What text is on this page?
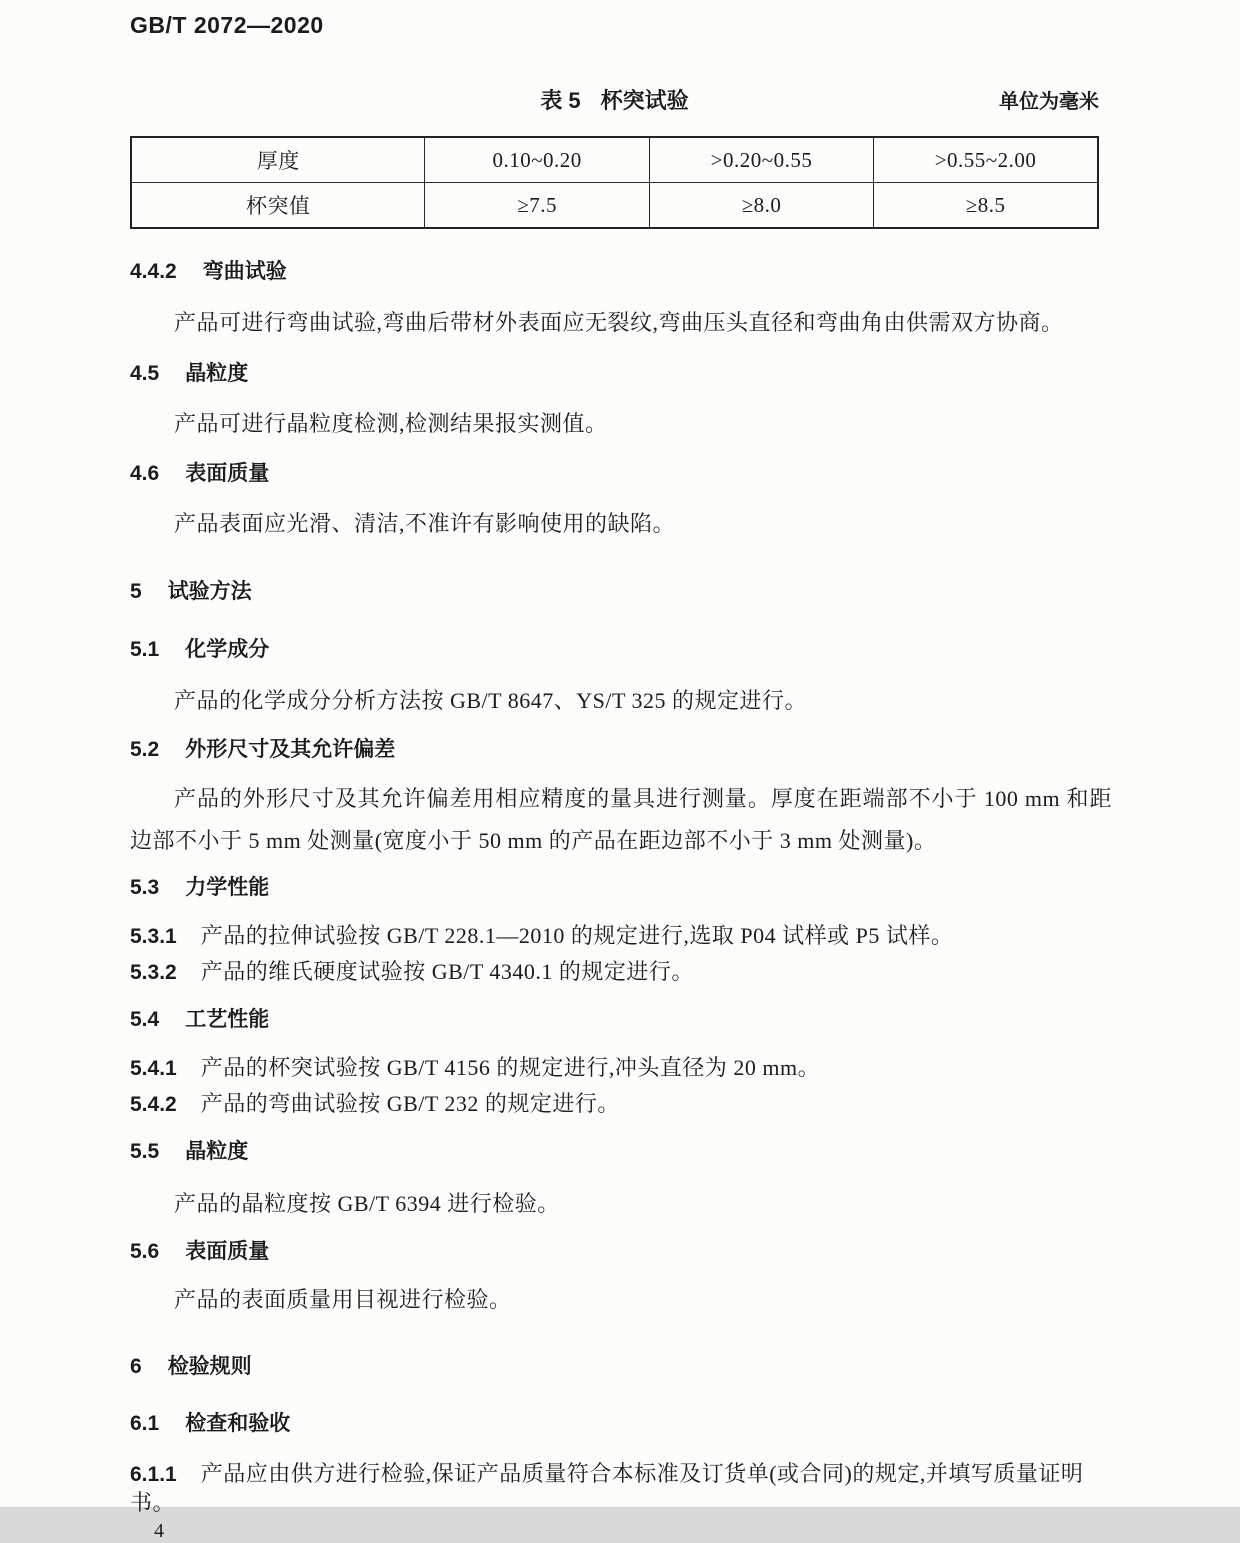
GB/T 2072—2020
表 5 杯突试验	单位为毫米
厚度	0.10~0.20	>0.20~0.55	>0.55~2.00
杯突值	≥7.5	≥8.0	≥8.5
4.4.2 弯曲试验

产品可进行弯曲试验,弯曲后带材外表面应无裂纹,弯曲压头直径和弯曲角由供需双方协商。

4.5 晶粒度

产品可进行晶粒度检测,检测结果报实测值。

4.6 表面质量

产品表面应光滑、清洁,不准许有影响使用的缺陷。

5 试验方法
5.1 化学成分

产品的化学成分分析方法按 GB/T 8647、YS/T 325 的规定进行。

5.2 外形尺寸及其允许偏差

产品的外形尺寸及其允许偏差用相应精度的量具进行测量。厚度在距端部不小于 100 mm 和距边部不小于 5 mm 处测量(宽度小于 50 mm 的产品在距边部不小于 3 mm 处测量)。

5.3 力学性能

5.3.1 产品的拉伸试验按 GB/T 228.1—2010 的规定进行,选取 P04 试样或 P5 试样。

5.3.2 产品的维氏硬度试验按 GB/T 4340.1 的规定进行。

5.4 工艺性能

5.4.1 产品的杯突试验按 GB/T 4156 的规定进行,冲头直径为 20 mm。

5.4.2 产品的弯曲试验按 GB/T 232 的规定进行。

5.5 晶粒度

产品的晶粒度按 GB/T 6394 进行检验。

5.6 表面质量

产品的表面质量用目视进行检验。

6 检验规则
6.1 检查和验收

6.1.1 产品应由供方进行检验,保证产品质量符合本标准及订货单(或合同)的规定,并填写质量证明书。

4
